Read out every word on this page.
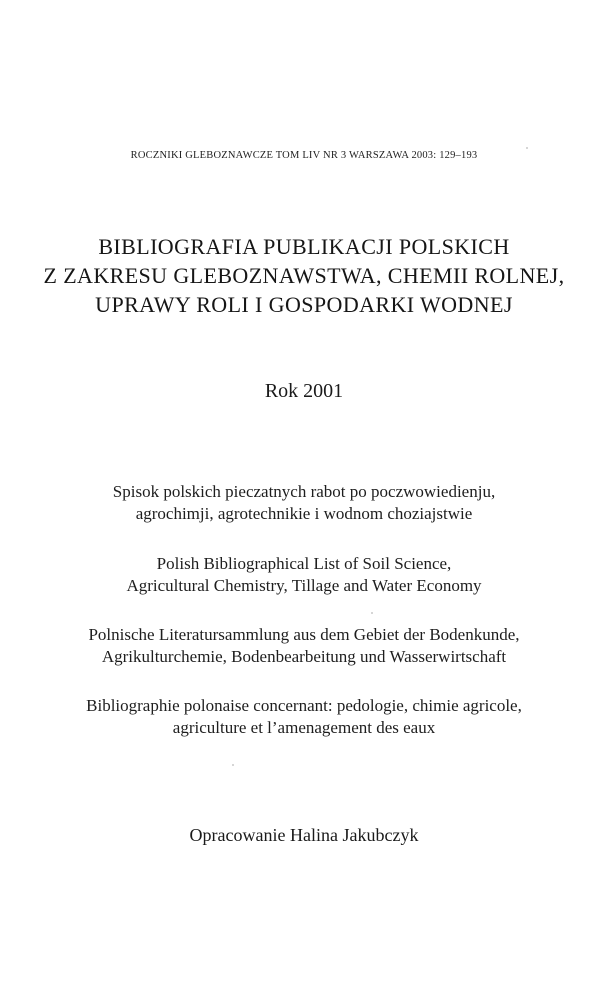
ROCZNIKI GLEBOZNAWCZE TOM LIV NR 3 WARSZAWA 2003: 129–193
BIBLIOGRAFIA PUBLIKACJI POLSKICH
Z ZAKRESU GLEBOZNAWSTWA, CHEMII ROLNEJ,
UPRAWY ROLI I GOSPODARKI WODNEJ
Rok 2001
Spisok polskich pieczatnych rabot po poczwowiedienju,
agrochimji, agrotechnikie i wodnom choziajstwie
Polish Bibliographical List of Soil Science,
Agricultural Chemistry, Tillage and Water Economy
Polnische Literatursammlung aus dem Gebiet der Bodenkunde,
Agrikulturchemie, Bodenbearbeitung und Wasserwirtschaft
Bibliographie polonaise concernant: pedologie, chimie agricole,
agriculture et l’amenagement des eaux
Opracowanie Halina Jakubczyk
